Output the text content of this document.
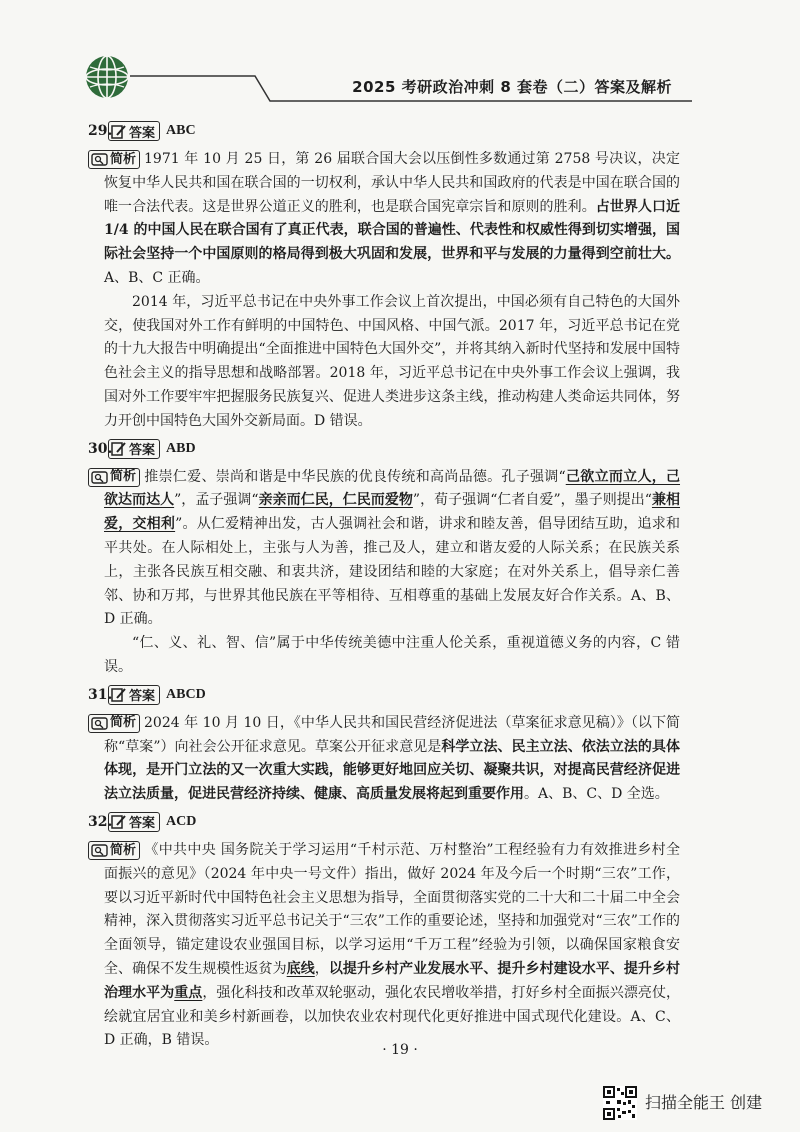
2025 考研政治冲刺 8 套卷（二）答案及解析
29. 答案 ABC

简析 1971 年 10 月 25 日，第 26 届联合国大会以压倒性多数通过第 2758 号决议，决定恢复中华人民共和国在联合国的一切权利，承认中华人民共和国政府的代表是中国在联合国的唯一合法代表。这是世界公道正义的胜利，也是联合国宪章宗旨和原则的胜利。占世界人口近 1/4 的中国人民在联合国有了真正代表，联合国的普遍性、代表性和权威性得到切实增强，国际社会坚持一个中国原则的格局得到极大巩固和发展，世界和平与发展的力量得到空前壮大。A、B、C 正确。

2014 年，习近平总书记在中央外事工作会议上首次提出，中国必须有自己特色的大国外交，使我国对外工作有鲜明的中国特色、中国风格、中国气派。2017 年，习近平总书记在党的十九大报告中明确提出“全面推进中国特色大国外交”，并将其纳入新时代坚持和发展中国特色社会主义的指导思想和战略部署。2018 年，习近平总书记在中央外事工作会议上强调，我国对外工作要牢牢把握服务民族复兴、促进人类进步这条主线，推动构建人类命运共同体，努力开创中国特色大国外交新局面。D 错误。

30. 答案 ABD

简析 推崇仁爱、崇尚和谐是中华民族的优良传统和高尚品德。孔子强调“己欲立而立人，己欲达而达人”，孟子强调“亲亲而仁民，仁民而爱物”，荀子强调“仁者自爱”，墨子则提出“兼相爱，交相利”。从仁爱精神出发，古人强调社会和谐，讲求和睦友善，倡导团结互助，追求和平共处。在人际相处上，主张与人为善，推己及人，建立和谐友爱的人际关系；在民族关系上，主张各民族互相交融、和衷共济，建设团结和睦的大家庭；在对外关系上，倡导亲仁善邻、协和万邦，与世界其他民族在平等相待、互相尊重的基础上发展友好合作关系。A、B、D 正确。

“仁、义、礼、智、信”属于中华传统美德中注重人伦关系，重视道德义务的内容，C 错误。

31. 答案 ABCD

简析 2024 年 10 月 10 日，《中华人民共和国民营经济促进法（草案征求意见稿）》（以下简称“草案”）向社会公开征求意见。草案公开征求意见是科学立法、民主立法、依法立法的具体体现，是开门立法的又一次重大实践，能够更好地回应关切、凝聚共识，对提高民营经济促进法立法质量，促进民营经济持续、健康、高质量发展将起到重要作用。A、B、C、D 全选。

32. 答案 ACD

简析 《中共中央 国务院关于学习运用“千村示范、万村整治”工程经验有力有效推进乡村全面振兴的意见》（2024 年中央一号文件）指出，做好 2024 年及今后一个时期“三农”工作，要以习近平新时代中国特色社会主义思想为指导，全面贯彻落实党的二十大和二十届二中全会精神，深入贯彻落实习近平总书记关于“三农”工作的重要论述，坚持和加强党对“三农”工作的全面领导，锚定建设农业强国目标，以学习运用“千万工程”经验为引领，以确保国家粮食安全、确保不发生规模性返贫为底线，以提升乡村产业发展水平、提升乡村建设水平、提升乡村治理水平为重点，强化科技和改革双轮驱动，强化农民增收举措，打好乡村全面振兴漂亮仗，绘就宜居宜业和美乡村新画卷，以加快农业农村现代化更好推进中国式现代化建设。A、C、D 正确，B 错误。

· 19 ·
扫描全能王 创建
